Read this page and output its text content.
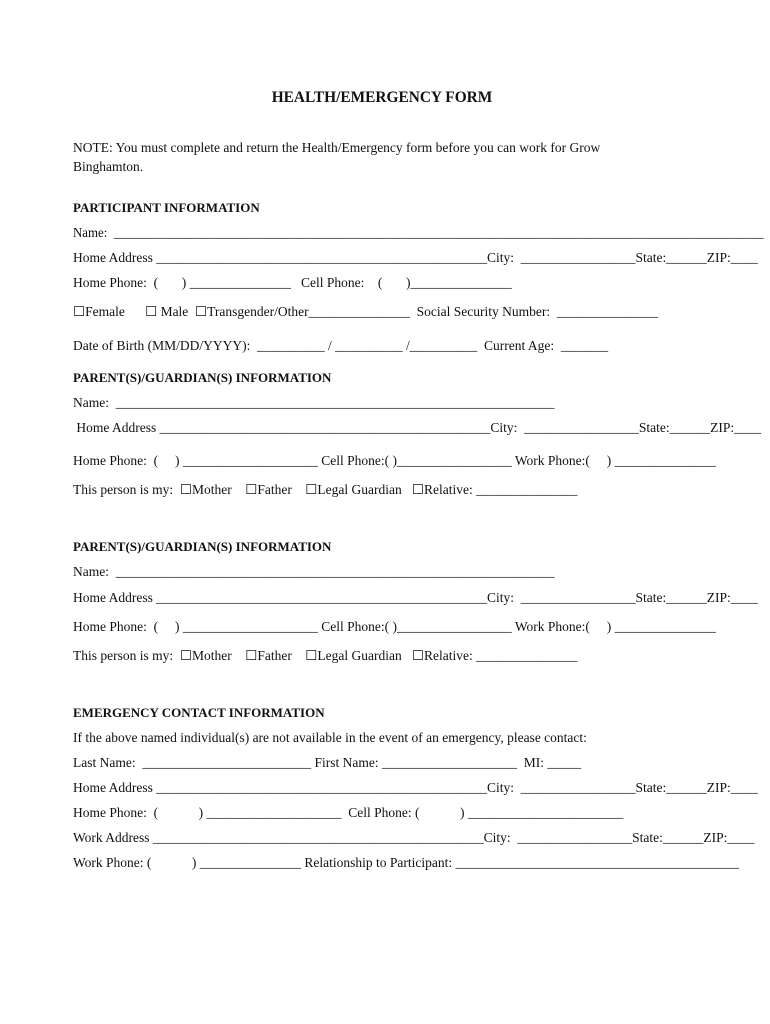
HEALTH/EMERGENCY FORM
NOTE: You must complete and return the Health/Emergency form before you can work for Grow
Binghamton.
PARTICIPANT INFORMATION
Name:  _____________________________________________________________________________________________________
Home Address _________________________________________________City:  _________________State:______ZIP:____
Home Phone:  (       ) _______________   Cell Phone:    (       )_______________
☐Female      ☐ Male  ☐Transgender/Other_______________  Social Security Number:  _______________
Date of Birth (MM/DD/YYYY):  __________ / __________ /__________  Current Age:  _______
PARENT(S)/GUARDIAN(S) INFORMATION
Name:  _________________________________________________________________
Home Address _________________________________________________City:  _________________State:______ZIP:____
Home Phone:  (     ) ____________________ Cell Phone:( )_________________ Work Phone:(     ) _______________
This person is my:  ☐Mother    ☐Father    ☐Legal Guardian   ☐Relative: _______________
PARENT(S)/GUARDIAN(S) INFORMATION
Name:  _________________________________________________________________
Home Address _________________________________________________City:  _________________State:______ZIP:____
Home Phone:  (     ) ____________________ Cell Phone:( )_________________ Work Phone:(     ) _______________
This person is my:  ☐Mother    ☐Father    ☐Legal Guardian   ☐Relative: _______________
EMERGENCY CONTACT INFORMATION
If the above named individual(s) are not available in the event of an emergency, please contact:
Last Name:  _________________________ First Name: ____________________  MI: _____
Home Address _________________________________________________City:  _________________State:______ZIP:____
Home Phone:  (            ) ____________________  Cell Phone: (            ) _______________________
Work Address _________________________________________________City:  _________________State:______ZIP:____
Work Phone: (            ) _______________ Relationship to Participant: __________________________________________
